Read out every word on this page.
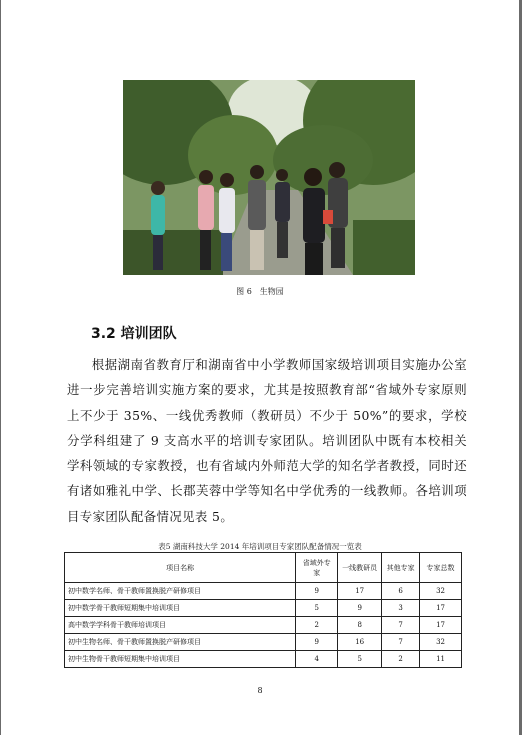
图 6　生物园
3.2 培训团队

根据湖南省教育厅和湖南省中小学教师国家级培训项目实施办公室进一步完善培训实施方案的要求，尤其是按照教育部“省域外专家原则上不少于 35%、一线优秀教师（教研员）不少于 50%”的要求，学校分学科组建了 9 支高水平的培训专家团队。培训团队中既有本校相关学科领域的专家教授，也有省域内外师范大学的知名学者教授，同时还有诸如雅礼中学、长郡芙蓉中学等知名中学优秀的一线教师。各培训项目专家团队配备情况见表 5。

表5 湖南科技大学 2014 年培训项目专家团队配备情况一览表
项目名称	省域外专家	一线教研员	其他专家	专家总数
初中数学名师、骨干教师置换脱产研修项目	9	17	6	32
初中数学骨干教师短期集中培训项目	5	9	3	17
高中数学学科骨干教师培训项目	2	8	7	17
初中生物名师、骨干教师置换脱产研修项目	9	16	7	32
初中生物骨干教师短期集中培训项目	4	5	2	11
8
